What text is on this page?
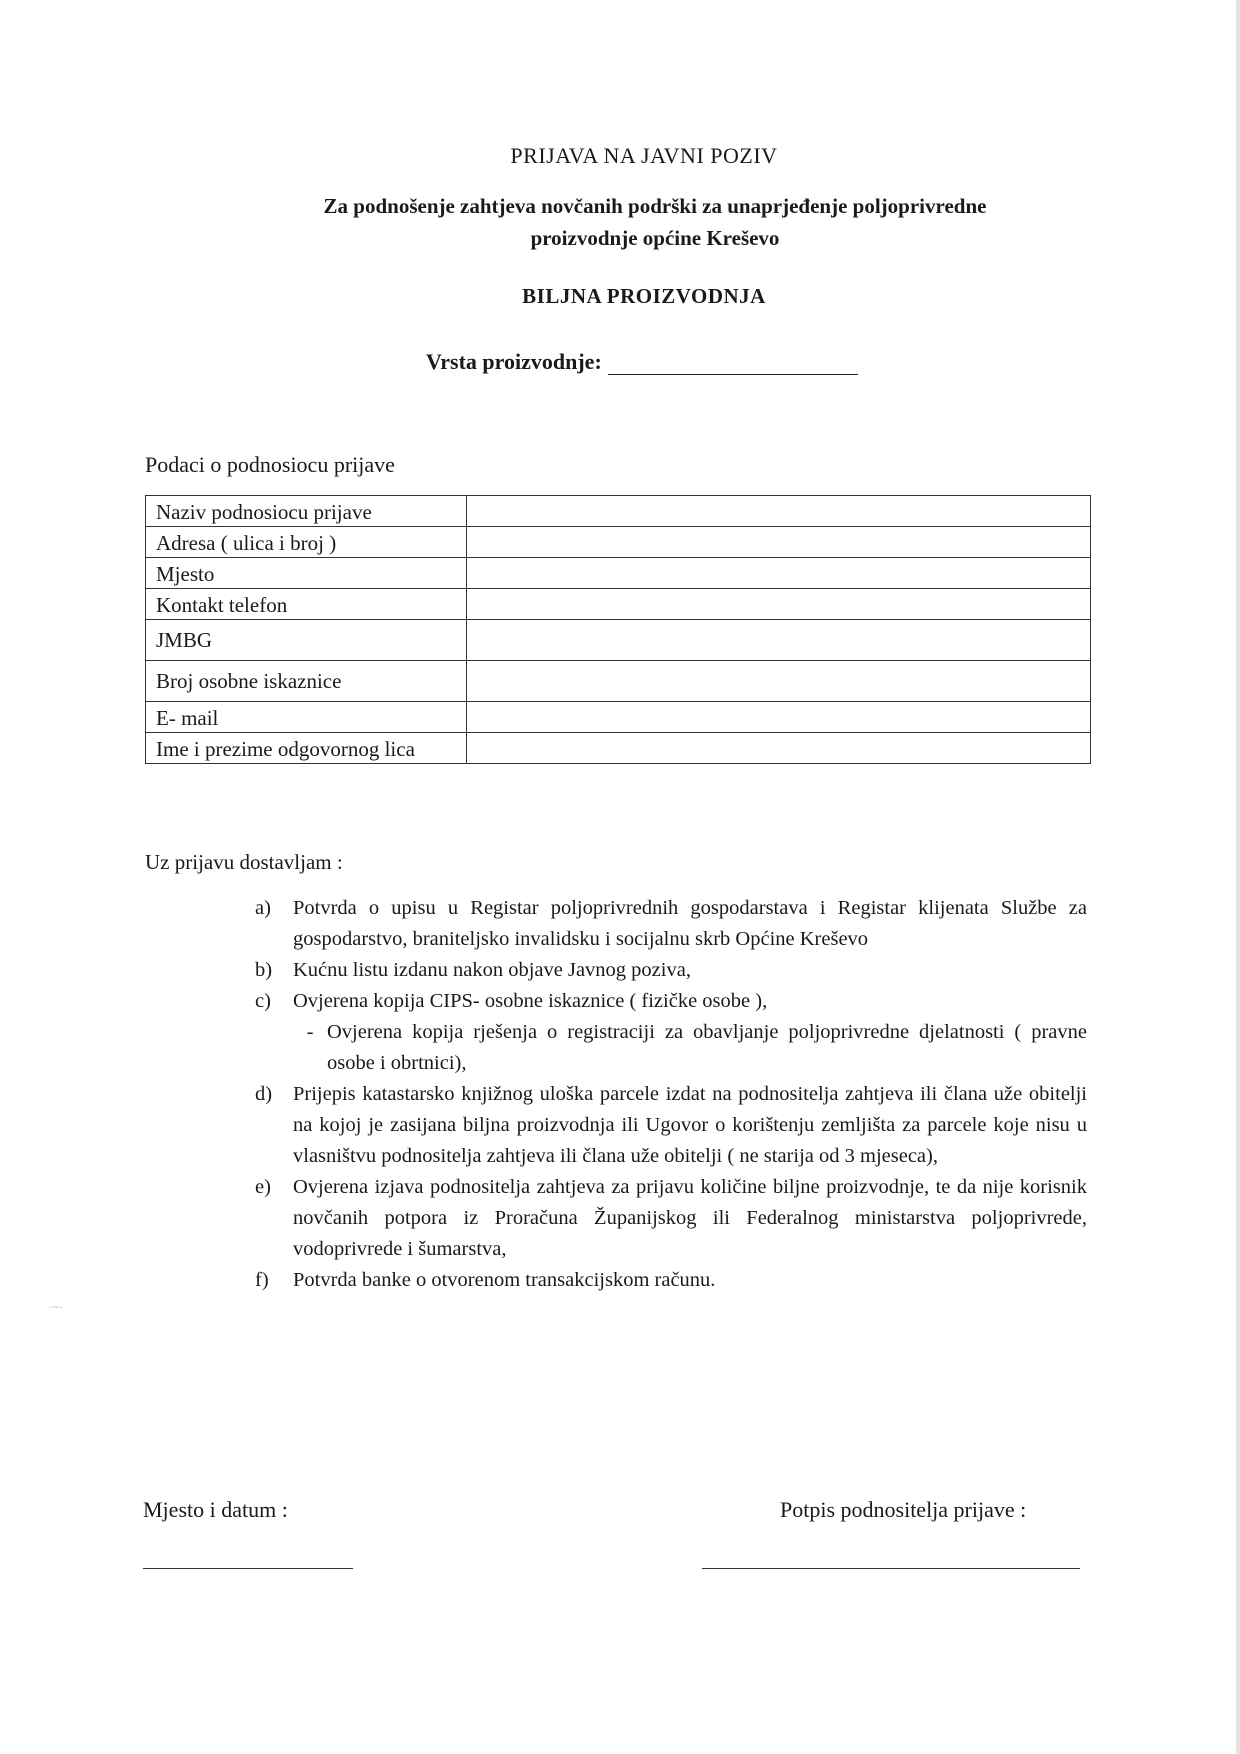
PRIJAVA NA JAVNI POZIV
Za podnošenje zahtjeva novčanih podrški za unaprjeđenje poljoprivredne
proizvodnje općine Kreševo
BILJNA PROIZVODNJA
Vrsta proizvodnje:
Podaci o podnosiocu prijave
Naziv podnosiocu prijave	
Adresa ( ulica i broj )	
Mjesto	
Kontakt telefon	
JMBG	
Broj osobne iskaznice	
E- mail	
Ime i prezime odgovornog lica	
Uz prijavu dostavljam :
a)	Potvrda o upisu u Registar poljoprivrednih gospodarstava i Registar klijenata Službe za gospodarstvo, braniteljsko invalidsku i socijalnu skrb Općine Kreševo
b)	Kućnu listu izdanu nakon objave Javnog poziva,
c)	Ovjerena kopija CIPS- osobne iskaznice ( fizičke osobe ),
- Ovjerena kopija rješenja o registraciji za obavljanje poljoprivredne djelatnosti ( pravne osobe i obrtnici),
d)	Prijepis katastarsko knjižnog uloška parcele izdat na podnositelja zahtjeva ili člana uže obitelji na kojoj je zasijana biljna proizvodnja ili Ugovor o korištenju zemljišta za parcele koje nisu u vlasništvu podnositelja zahtjeva ili člana uže obitelji ( ne starija od 3 mjeseca),
e)	Ovjerena izjava podnositelja zahtjeva za prijavu količine biljne proizvodnje, te da nije korisnik novčanih potpora iz Proračuna Županijskog ili Federalnog ministarstva poljoprivrede, vodoprivrede i šumarstva,
f)	Potvrda banke o otvorenom transakcijskom računu.
·~·
Mjesto i datum :	Potpis podnositelja prijave :
